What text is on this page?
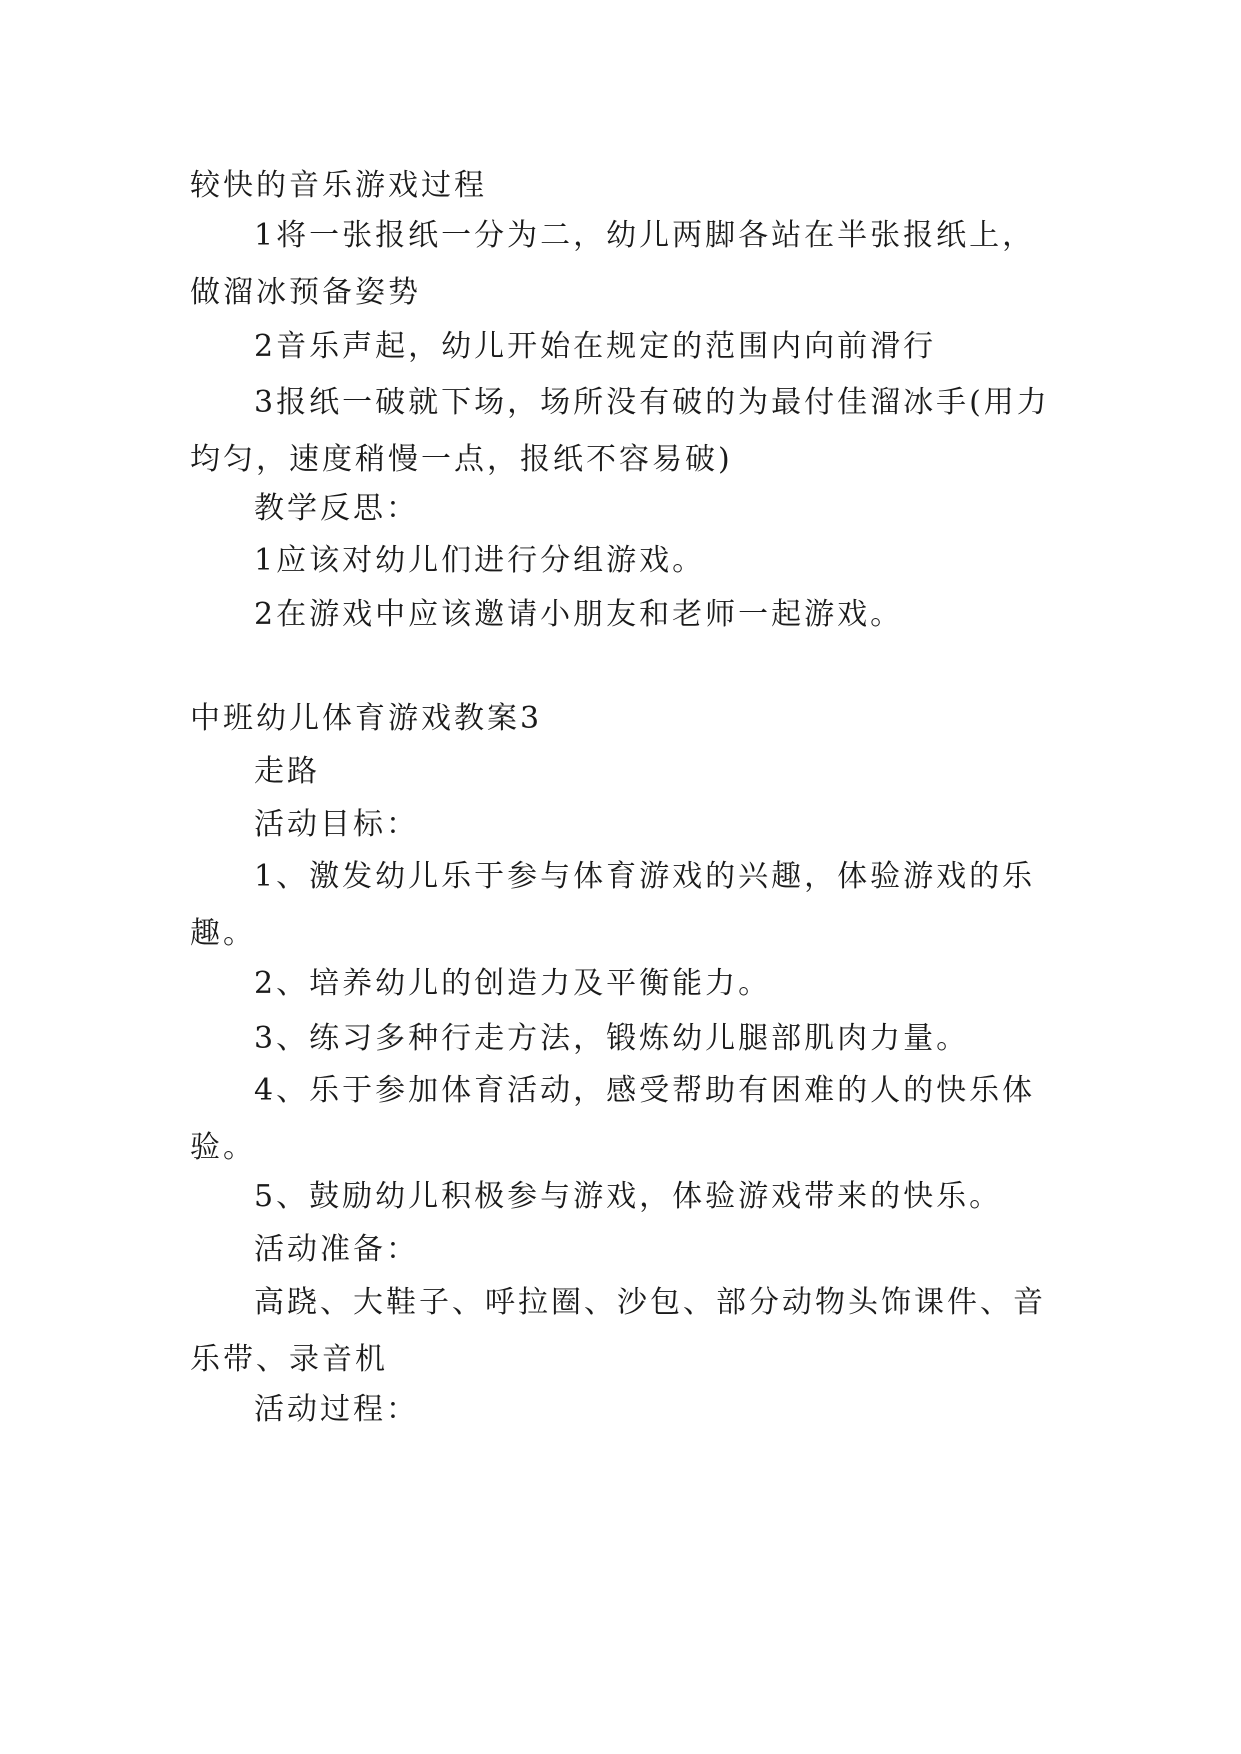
较快的音乐游戏过程
1将一张报纸一分为二，幼儿两脚各站在半张报纸上，做溜冰预备姿势
2音乐声起，幼儿开始在规定的范围内向前滑行
3报纸一破就下场，场所没有破的为最付佳溜冰手(用力均匀，速度稍慢一点，报纸不容易破)
教学反思：
1应该对幼儿们进行分组游戏。
2在游戏中应该邀请小朋友和老师一起游戏。
中班幼儿体育游戏教案3
走路
活动目标：
1、激发幼儿乐于参与体育游戏的兴趣，体验游戏的乐趣。
2、培养幼儿的创造力及平衡能力。
3、练习多种行走方法，锻炼幼儿腿部肌肉力量。
4、乐于参加体育活动，感受帮助有困难的人的快乐体验。
5、鼓励幼儿积极参与游戏，体验游戏带来的快乐。
活动准备：
高跷、大鞋子、呼拉圈、沙包、部分动物头饰课件、音乐带、录音机
活动过程：
